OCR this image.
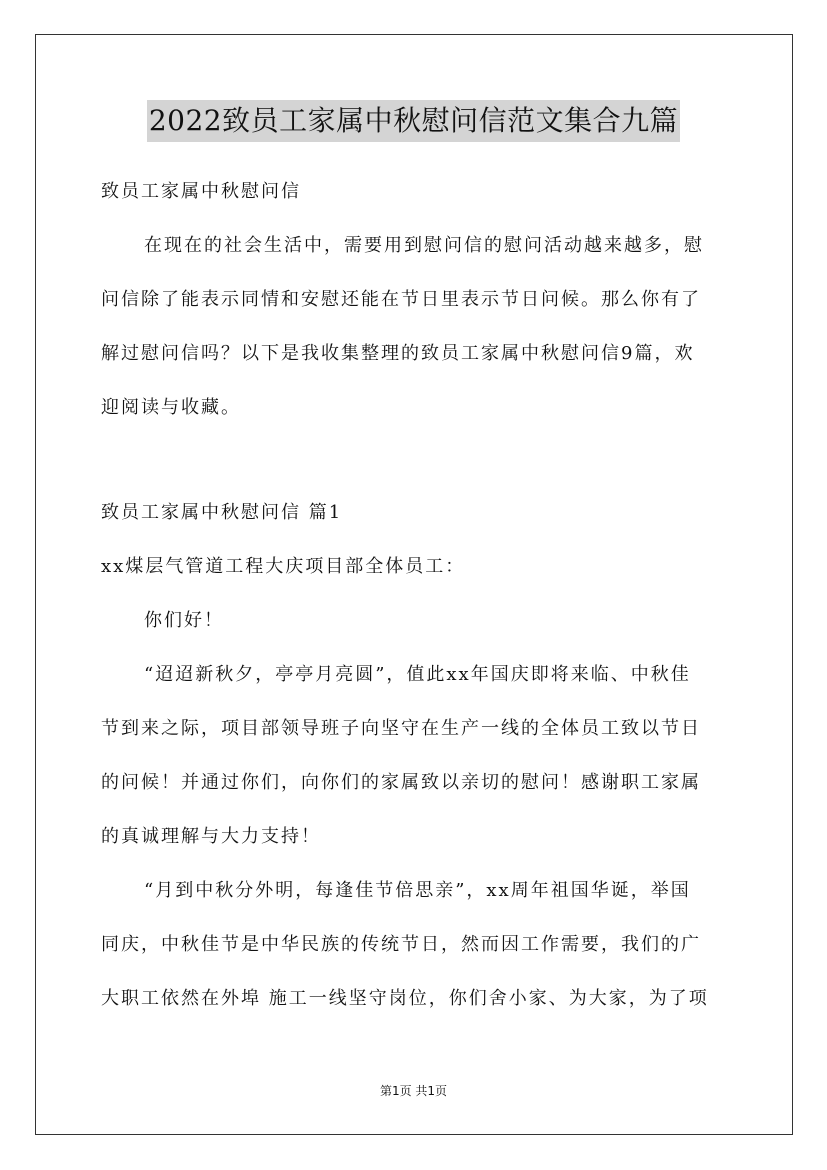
2022致员工家属中秋慰问信范文集合九篇
致员工家属中秋慰问信
在现在的社会生活中，需要用到慰问信的慰问活动越来越多，慰
问信除了能表示同情和安慰还能在节日里表示节日问候。那么你有了
解过慰问信吗？以下是我收集整理的致员工家属中秋慰问信9篇，欢
迎阅读与收藏。
致员工家属中秋慰问信 篇1
xx煤层气管道工程大庆项目部全体员工：
你们好！
“迢迢新秋夕，亭亭月亮圆”，值此xx年国庆即将来临、中秋佳
节到来之际，项目部领导班子向坚守在生产一线的全体员工致以节日
的问候！并通过你们，向你们的家属致以亲切的慰问！感谢职工家属
的真诚理解与大力支持！
“月到中秋分外明，每逢佳节倍思亲”，xx周年祖国华诞，举国
同庆，中秋佳节是中华民族的传统节日，然而因工作需要，我们的广
大职工依然在外埠 施工一线坚守岗位，你们舍小家、为大家，为了项
第1页 共1页
